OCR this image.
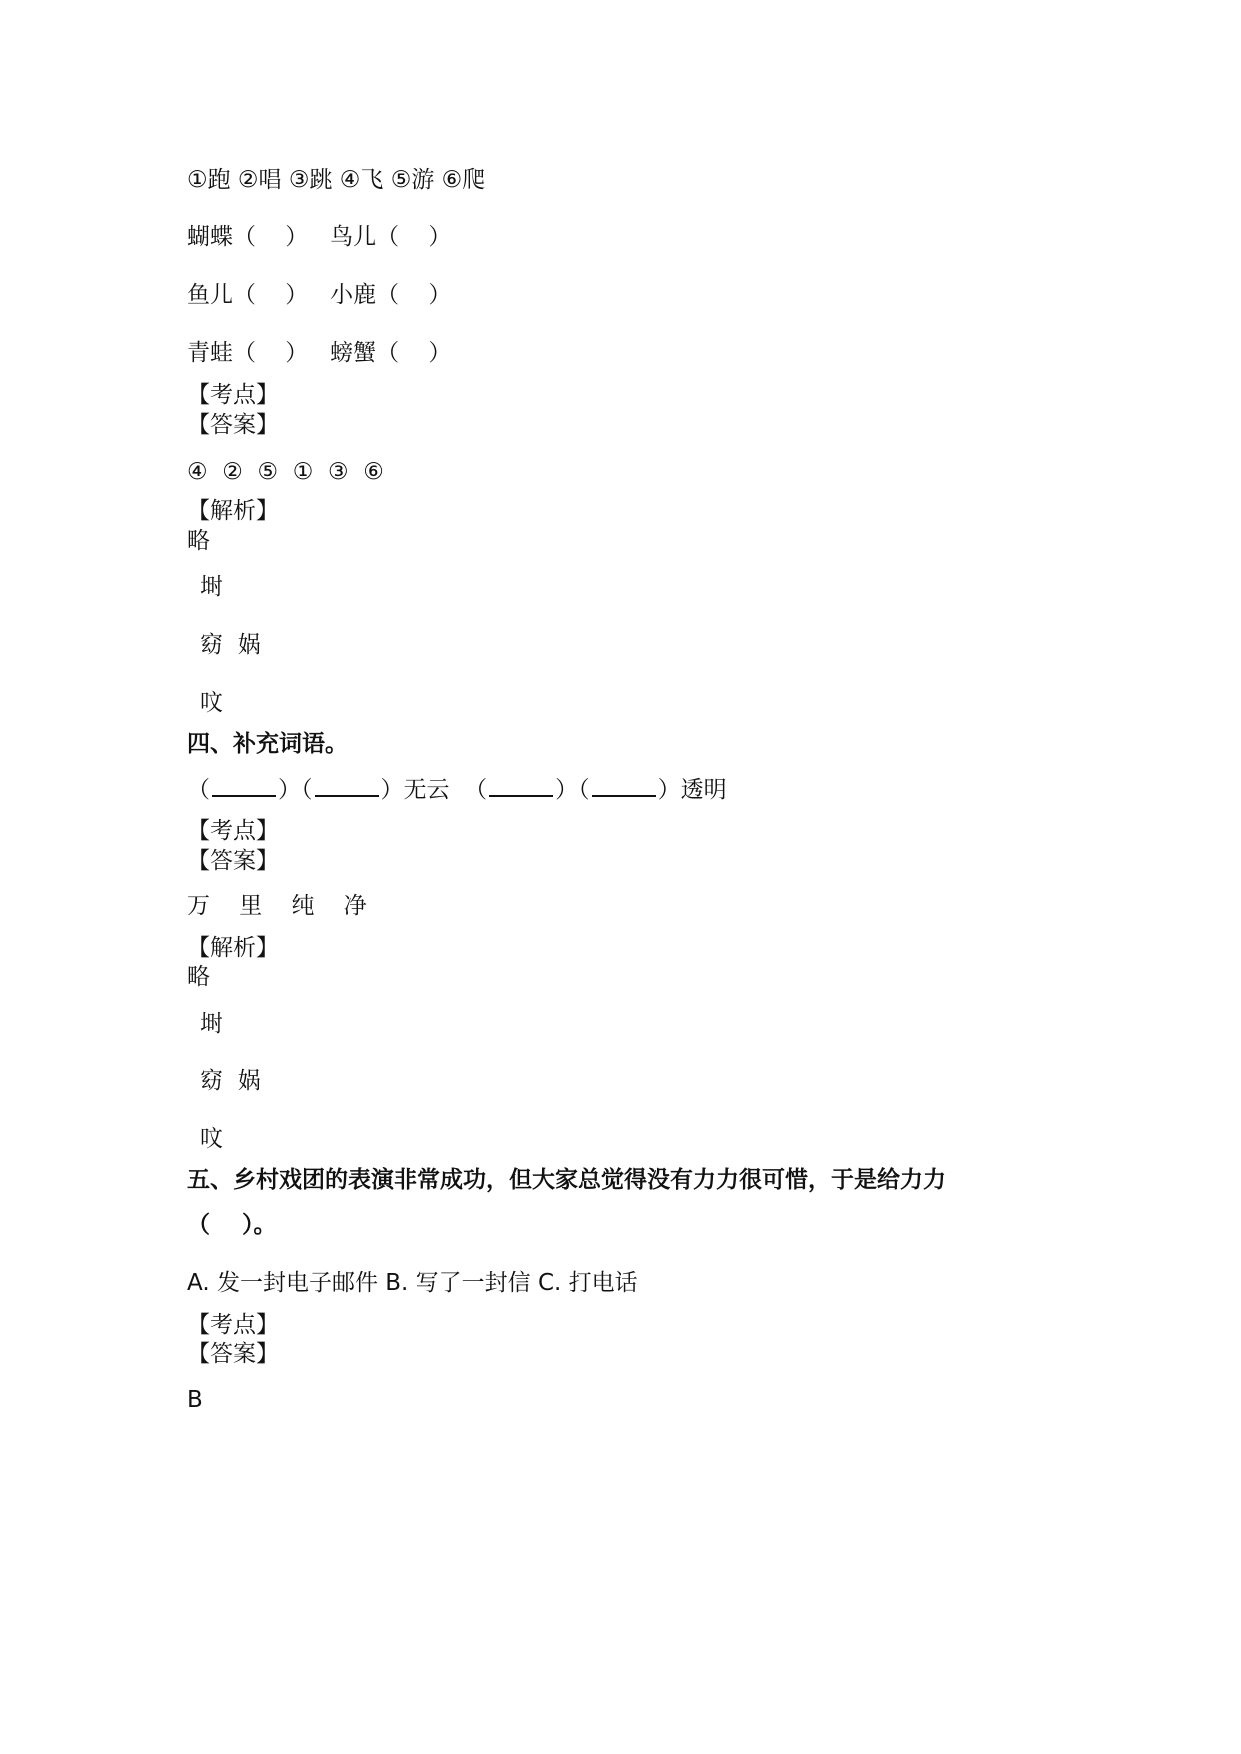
①跑 ②唱 ③跳 ④飞 ⑤游 ⑥爬
蝴蝶（    ）   鸟儿（    ）
鱼儿（    ）   小鹿（    ）
青蛙（    ）   螃蟹（    ）
【考点】
【答案】
④  ②  ⑤  ①  ③  ⑥
【解析】
略
埘
窈  娲
呅
四、补充词语。
（	）（	）无云  （	）（	）透明
【考点】
【答案】
万    里    纯    净
【解析】
略
埘
窈  娲
呅
五、乡村戏团的表演非常成功，但大家总觉得没有力力很可惜，于是给力力
（    ）。
A. 发一封电子邮件 B. 写了一封信 C. 打电话
【考点】
【答案】
B
